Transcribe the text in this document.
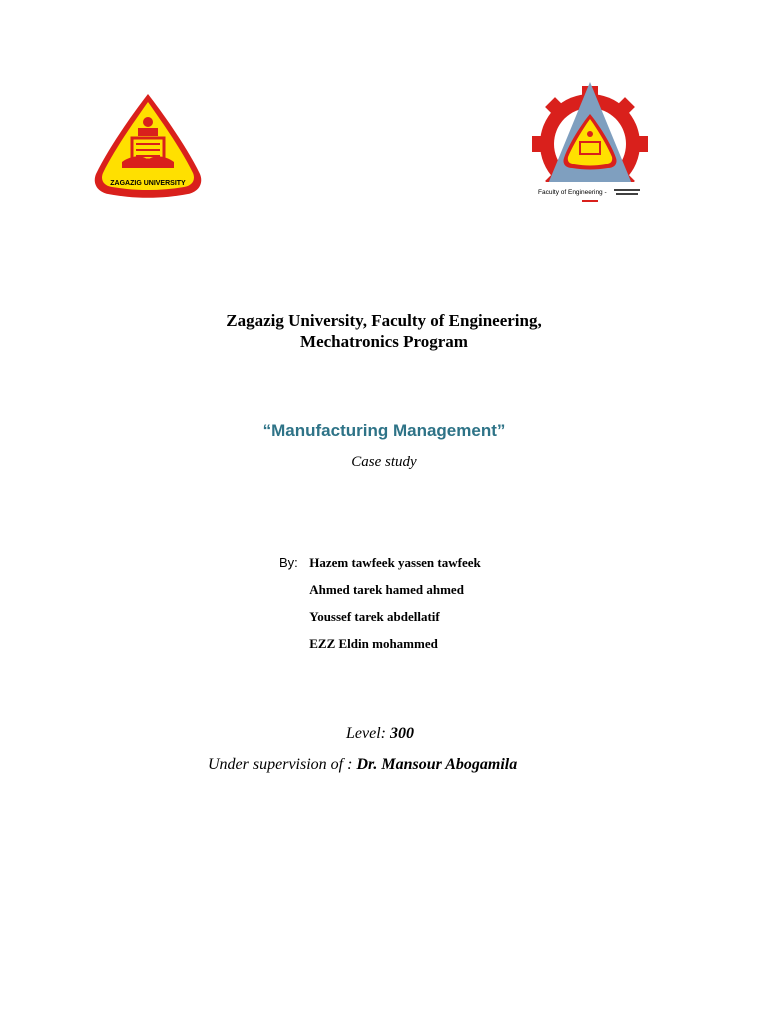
ZAGAZIG UNIVERSITY
Faculty of Engineering -
Zagazig University, Faculty of Engineering,
Mechatronics Program
“Manufacturing Management”
Case study
By: Hazem tawfeek yassen tawfeek
Ahmed tarek hamed ahmed
Youssef tarek abdellatif
EZZ Eldin mohammed
Level: 300
Under supervision of : Dr. Mansour Abogamila
